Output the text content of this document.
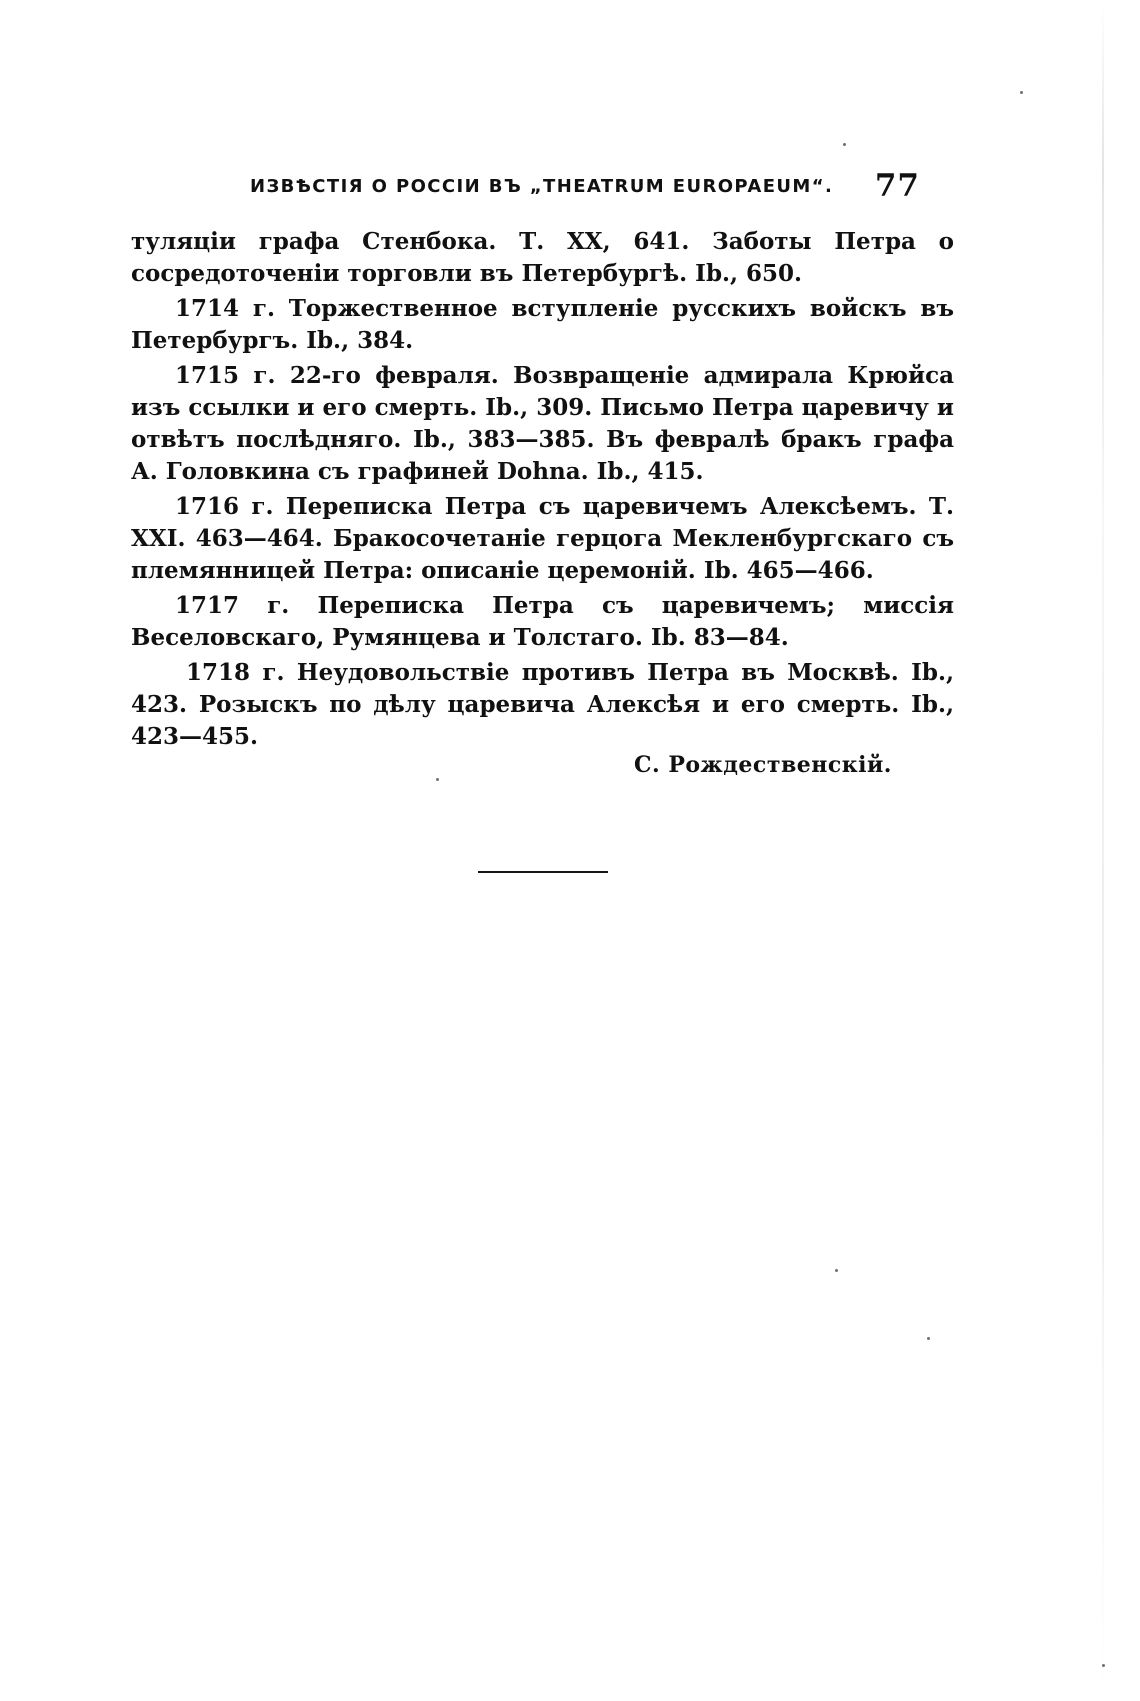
ИЗВѢСТІЯ О РОССІИ ВЪ „THEATRUM EUROPAEUM“. 77

туляціи графа Стенбока. Т. XX, 641. Заботы Петра о сосредоточеніи торговли въ Петербургѣ. Ib., 650.

1714 г. Торжественное вступленіе русскихъ войскъ въ Петербургъ. Ib., 384.

1715 г. 22-го февраля. Возвращеніе адмирала Крюйса изъ ссылки и его смерть. Ib., 309. Письмо Петра царевичу и отвѣтъ послѣдняго. Ib., 383—385. Въ февралѣ бракъ графа А. Головкина съ графиней Dohna. Ib., 415.

1716 г. Переписка Петра съ царевичемъ Алексѣемъ. Т. XXI. 463—464. Бракосочетаніе герцога Мекленбургскаго съ племянницей Петра: описаніе церемоній. Ib. 465—466.

1717 г. Переписка Петра съ царевичемъ; миссія Веселовскаго, Румянцева и Толстаго. Ib. 83—84.

1718 г. Неудовольствіе противъ Петра въ Москвѣ. Ib., 423. Розыскъ по дѣлу царевича Алексѣя и его смерть. Ib., 423—455.

С. Рождественскій.
